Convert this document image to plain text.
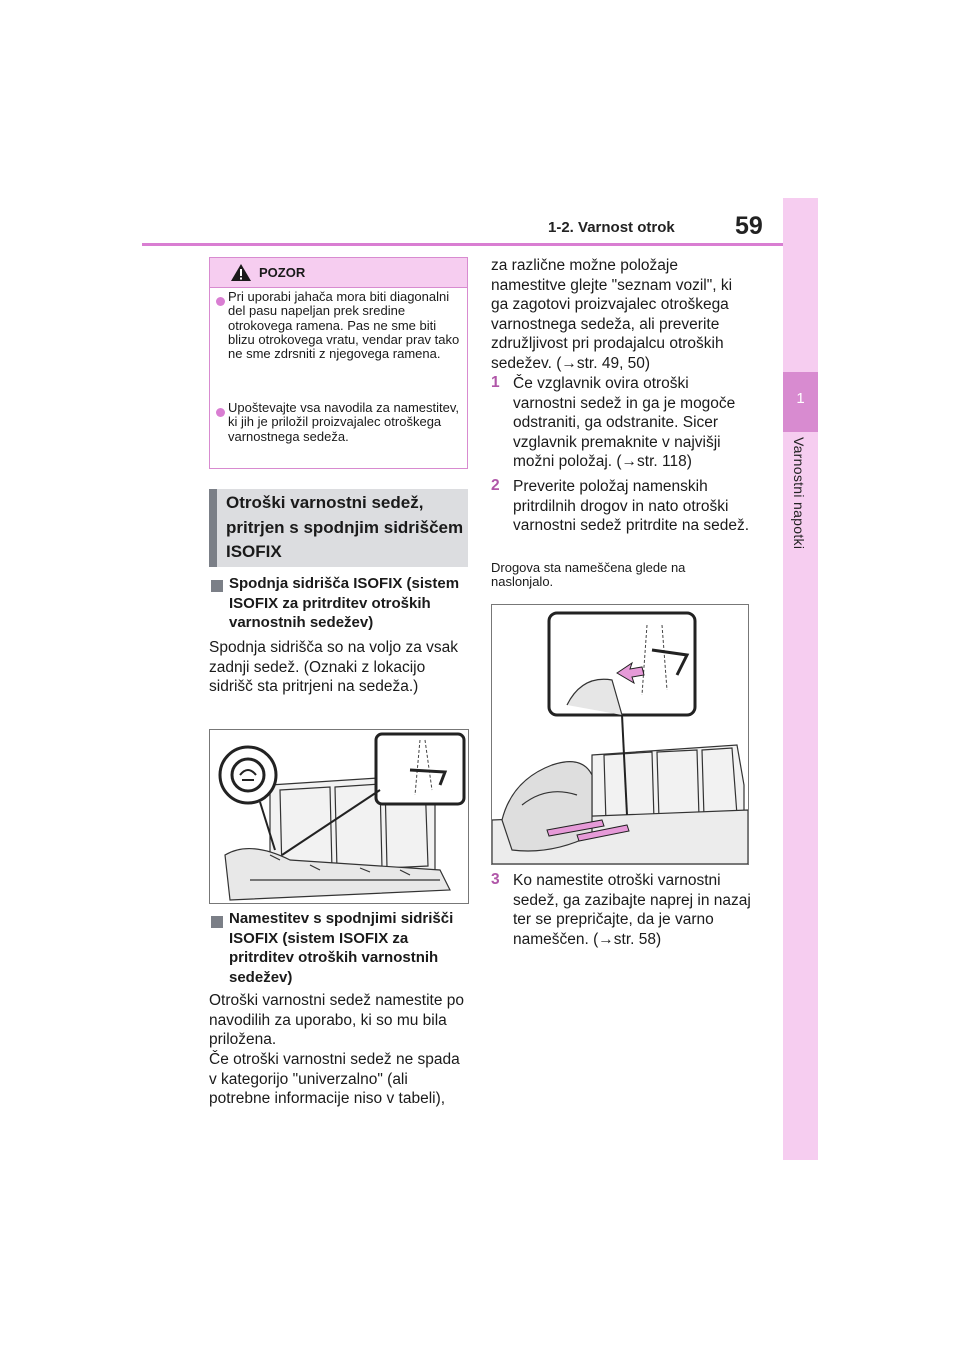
1-2. Varnost otrok 59
1
Varnostni napotki
POZOR
Pri uporabi jahača mora biti diagonalni del pasu napeljan prek sredine otrokovega ramena. Pas ne sme biti blizu otrokovega vratu, vendar prav tako ne sme zdrsniti z njegovega ramena.
Upoštevajte vsa navodila za namestitev, ki jih je priložil proizvajalec otroškega varnostnega sedeža.
Otroški varnostni sedež, pritrjen s spodnjim sidriščem ISOFIX
Spodnja sidrišča ISOFIX (sistem ISOFIX za pritrditev otroških varnostnih sedežev)
Spodnja sidrišča so na voljo za vsak zadnji sedež. (Oznaki z lokacijo sidrišč sta pritrjeni na sedeža.)
Namestitev s spodnjimi sidrišči ISOFIX (sistem ISOFIX za pritrditev otroških varnostnih sedežev)
Otroški varnostni sedež namestite po navodilih za uporabo, ki so mu bila priložena.
Če otroški varnostni sedež ne spada v kategorijo "univerzalno" (ali potrebne informacije niso v tabeli),
za različne možne položaje namestitve glejte "seznam vozil", ki ga zagotovi proizvajalec otroškega varnostnega sedeža, ali preverite združljivost pri prodajalcu otroških sedežev. (→str. 49, 50)
1 Če vzglavnik ovira otroški varnostni sedež in ga je mogoče odstraniti, ga odstranite. Sicer vzglavnik premaknite v najvišji možni položaj. (→str. 118)
2 Preverite položaj namenskih pritrdilnih drogov in nato otroški varnostni sedež pritrdite na sedež.
Drogova sta nameščena glede na naslonjalo.
3 Ko namestite otroški varnostni sedež, ga zazibajte naprej in nazaj ter se prepričajte, da je varno nameščen. (→str. 58)
